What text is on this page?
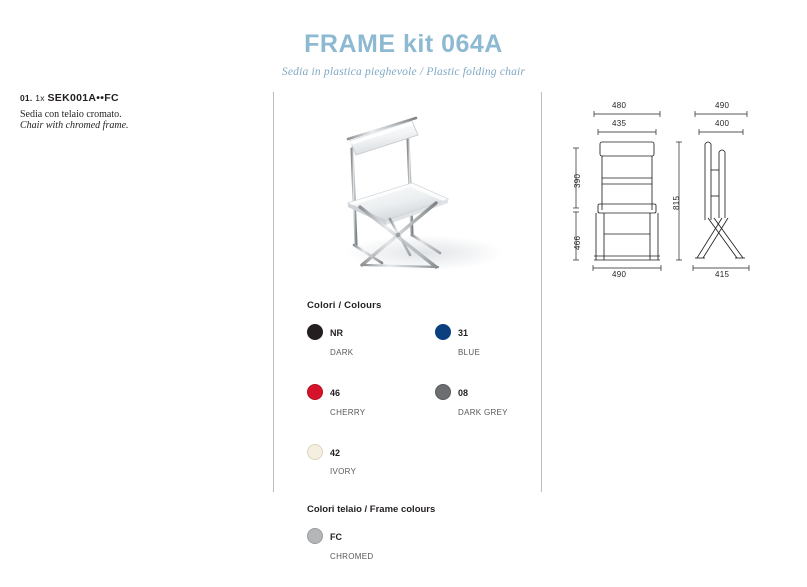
FRAME kit 064A
Sedia in plastica pieghevole / Plastic folding chair
01. 1x SEK001A••FC
Sedia con telaio cromato.
Chair with chromed frame.
Colori / Colours
NR
DARK
31
BLUE
46
CHERRY
08
DARK GREY
42
IVORY
Colori telaio / Frame colours
FC
CHROMED
480
435
490
390
466
490
400
415
815
